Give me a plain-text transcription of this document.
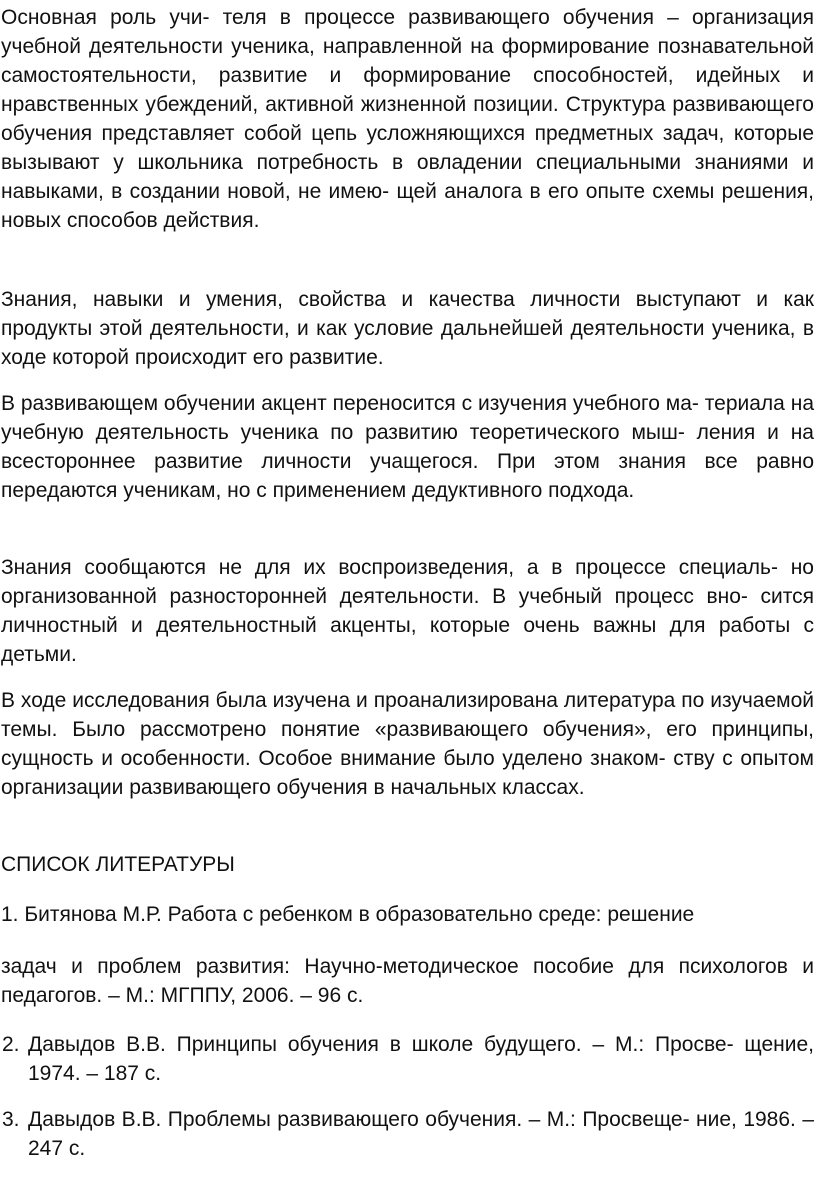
Основная роль учи- теля в процессе развивающего обучения – организация учебной деятельности ученика, направленной на формирование познавательной самостоятельности, развитие и формирование способностей, идейных и нравственных убеждений, активной жизненной позиции. Структура развивающего обучения представляет собой цепь усложняющихся предметных задач, которые вызывают у школьника потребность в овладении специальными знаниями и навыками, в создании новой, не имею- щей аналога в его опыте схемы решения, новых способов действия.

Знания, навыки и умения, свойства и качества личности выступают и как продукты этой деятельности, и как условие дальнейшей деятельности ученика, в ходе которой происходит его развитие.

В развивающем обучении акцент переносится с изучения учебного ма- териала на учебную деятельность ученика по развитию теоретического мыш- ления и на всестороннее развитие личности учащегося. При этом знания все равно передаются ученикам, но с применением дедуктивного подхода.

Знания сообщаются не для их воспроизведения, а в процессе специаль- но организованной разносторонней деятельности. В учебный процесс вно- сится личностный и деятельностный акценты, которые очень важны для работы с детьми.

В ходе исследования была изучена и проанализирована литература по изучаемой темы. Было рассмотрено понятие «развивающего обучения», его принципы, сущность и особенности. Особое внимание было уделено знаком- ству с опытом организации развивающего обучения в начальных классах.

СПИСОК ЛИТЕРАТУРЫ

1. Битянова М.Р. Работа с ребенком в образовательно среде: решение

задач и проблем развития: Научно-методическое пособие для психологов и педагогов. – М.: МГППУ, 2006. – 96 с.

2. Давыдов В.В. Принципы обучения в школе будущего. – М.: Просве- щение, 1974. – 187 с.

3. Давыдов В.В. Проблемы развивающего обучения. – М.: Просвеще- ние, 1986. – 247 с.
